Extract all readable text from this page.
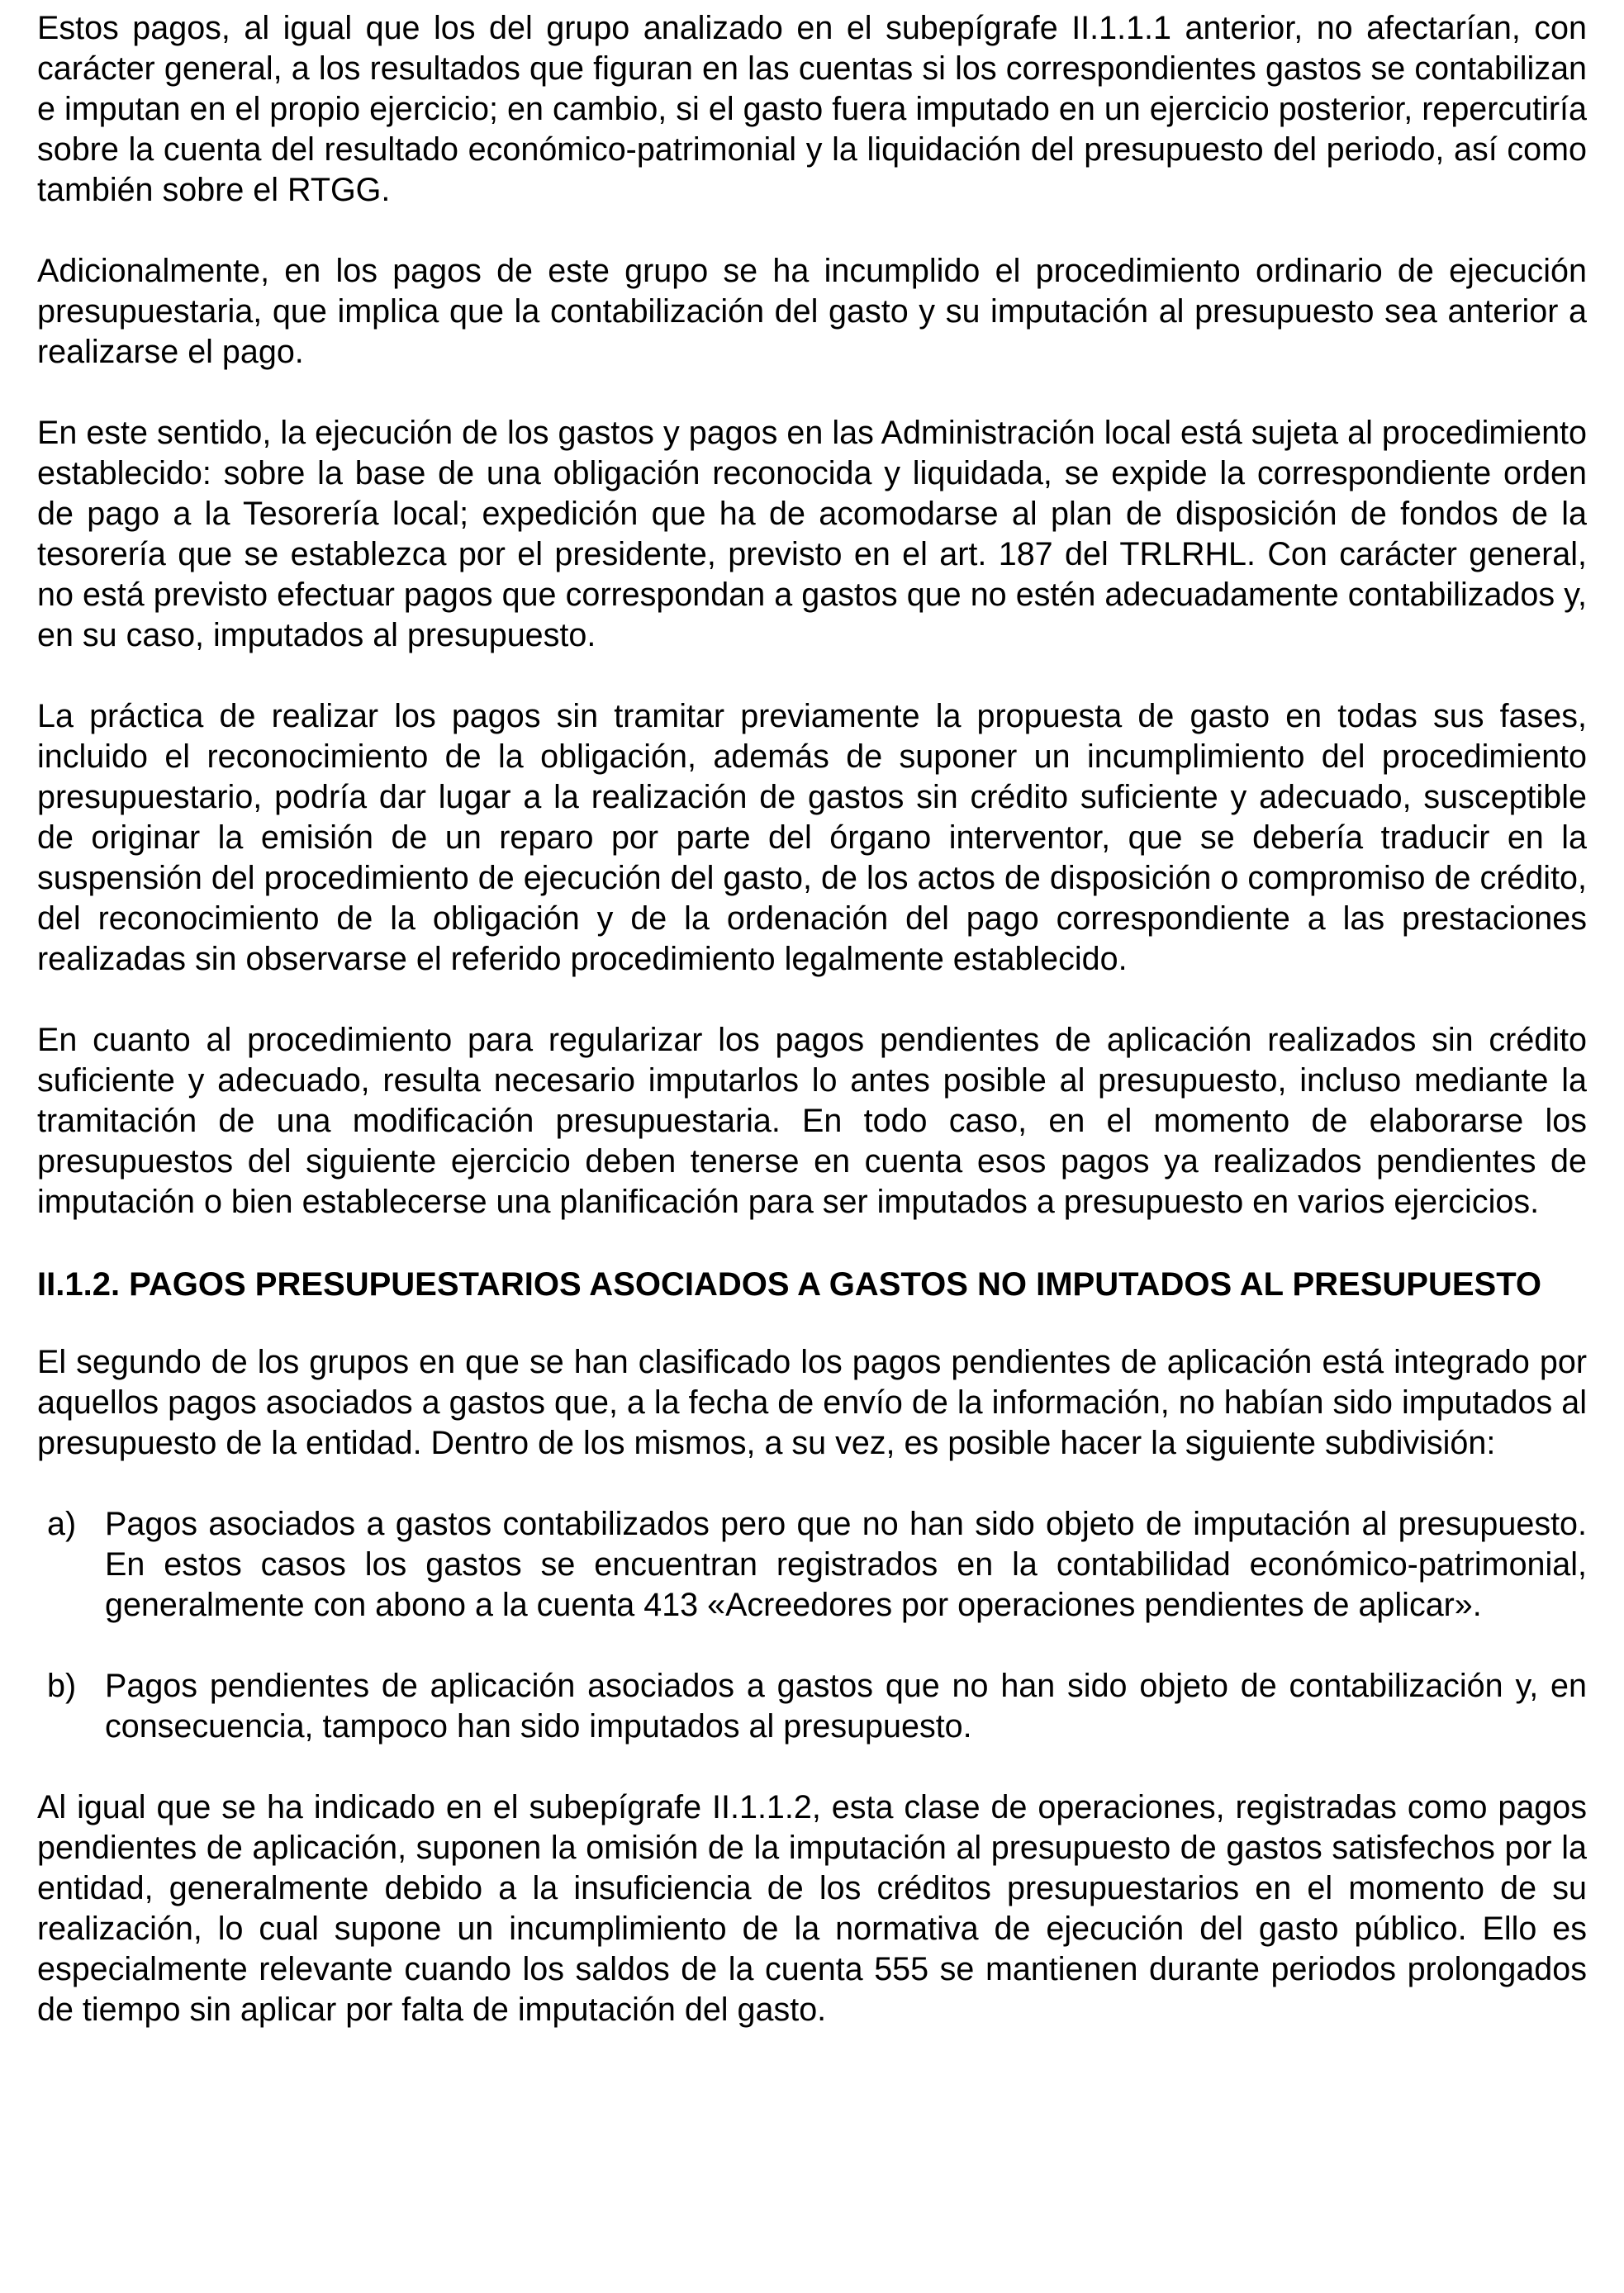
Estos pagos, al igual que los del grupo analizado en el subepígrafe II.1.1.1 anterior, no afectarían, con carácter general, a los resultados que figuran en las cuentas si los correspondientes gastos se contabilizan e imputan en el propio ejercicio; en cambio, si el gasto fuera imputado en un ejercicio posterior, repercutiría sobre la cuenta del resultado económico-patrimonial y la liquidación del presupuesto del periodo, así como también sobre el RTGG.

Adicionalmente, en los pagos de este grupo se ha incumplido el procedimiento ordinario de ejecución presupuestaria, que implica que la contabilización del gasto y su imputación al presupuesto sea anterior a realizarse el pago.

En este sentido, la ejecución de los gastos y pagos en las Administración local está sujeta al procedimiento establecido: sobre la base de una obligación reconocida y liquidada, se expide la correspondiente orden de pago a la Tesorería local; expedición que ha de acomodarse al plan de disposición de fondos de la tesorería que se establezca por el presidente, previsto en el art. 187 del TRLRHL. Con carácter general, no está previsto efectuar pagos que correspondan a gastos que no estén adecuadamente contabilizados y, en su caso, imputados al presupuesto.

La práctica de realizar los pagos sin tramitar previamente la propuesta de gasto en todas sus fases, incluido el reconocimiento de la obligación, además de suponer un incumplimiento del procedimiento presupuestario, podría dar lugar a la realización de gastos sin crédito suficiente y adecuado, susceptible de originar la emisión de un reparo por parte del órgano interventor, que se debería traducir en la suspensión del procedimiento de ejecución del gasto, de los actos de disposición o compromiso de crédito, del reconocimiento de la obligación y de la ordenación del pago correspondiente a las prestaciones realizadas sin observarse el referido procedimiento legalmente establecido.

En cuanto al procedimiento para regularizar los pagos pendientes de aplicación realizados sin crédito suficiente y adecuado, resulta necesario imputarlos lo antes posible al presupuesto, incluso mediante la tramitación de una modificación presupuestaria. En todo caso, en el momento de elaborarse los presupuestos del siguiente ejercicio deben tenerse en cuenta esos pagos ya realizados pendientes de imputación o bien establecerse una planificación para ser imputados a presupuesto en varios ejercicios.

II.1.2. PAGOS PRESUPUESTARIOS ASOCIADOS A GASTOS NO IMPUTADOS AL PRESUPUESTO

El segundo de los grupos en que se han clasificado los pagos pendientes de aplicación está integrado por aquellos pagos asociados a gastos que, a la fecha de envío de la información, no habían sido imputados al presupuesto de la entidad. Dentro de los mismos, a su vez, es posible hacer la siguiente subdivisión:

a) Pagos asociados a gastos contabilizados pero que no han sido objeto de imputación al presupuesto. En estos casos los gastos se encuentran registrados en la contabilidad económico-patrimonial, generalmente con abono a la cuenta 413 «Acreedores por operaciones pendientes de aplicar».
b) Pagos pendientes de aplicación asociados a gastos que no han sido objeto de contabilización y, en consecuencia, tampoco han sido imputados al presupuesto.

Al igual que se ha indicado en el subepígrafe II.1.1.2, esta clase de operaciones, registradas como pagos pendientes de aplicación, suponen la omisión de la imputación al presupuesto de gastos satisfechos por la entidad, generalmente debido a la insuficiencia de los créditos presupuestarios en el momento de su realización, lo cual supone un incumplimiento de la normativa de ejecución del gasto público. Ello es especialmente relevante cuando los saldos de la cuenta 555 se mantienen durante periodos prolongados de tiempo sin aplicar por falta de imputación del gasto.
